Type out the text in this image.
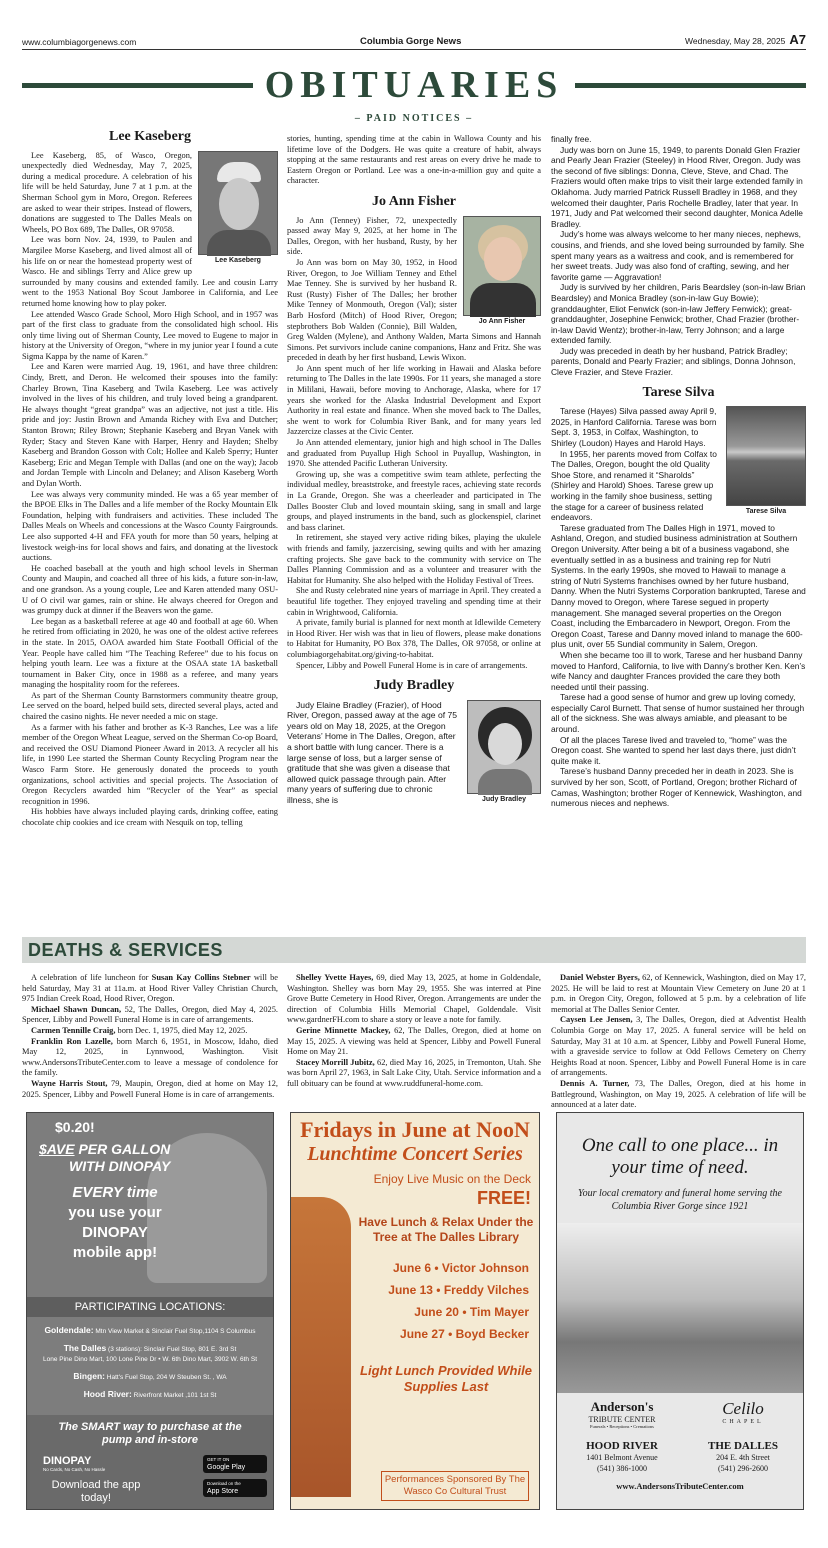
www.columbiagorgenews.com	Columbia Gorge News	Wednesday, May 28, 2025 A7
OBITUARIES
– PAID NOTICES –
Lee Kaseberg
Lee Kaseberg

Lee Kaseberg, 85, of Wasco, Oregon, unexpectedly died Wednesday, May 7, 2025, during a medical procedure. A celebration of his life will be held Saturday, June 7 at 1 p.m. at the Sherman School gym in Moro, Oregon. Referees are asked to wear their stripes. Instead of flowers, donations are suggested to The Dalles Meals on Wheels, PO Box 689, The Dalles, OR 97058.

Lee was born Nov. 24, 1939, to Paulen and Margilee Morse Kaseberg, and lived almost all of his life on or near the homestead property west of Wasco. He and siblings Terry and Alice grew up surrounded by many cousins and extended family. Lee and cousin Larry went to the 1953 National Boy Scout Jamboree in California, and Lee returned home knowing how to play poker.

Lee attended Wasco Grade School, Moro High School, and in 1957 was part of the first class to graduate from the consolidated high school. His only time living out of Sherman County, Lee moved to Eugene to major in history at the University of Oregon, “where in my junior year I found a cute Sigma Kappa by the name of Karen.”

Lee and Karen were married Aug. 19, 1961, and have three children: Cindy, Brett, and Deron. He welcomed their spouses into the family: Charley Brown, Tina Kaseberg and Twila Kaseberg. Lee was actively involved in the lives of his children, and truly loved being a grandparent. He always thought “great grandpa” was an adjective, not just a title. His pride and joy: Justin Brown and Amanda Richey with Eva and Dutcher; Stanton Brown; Riley Brown; Stephanie Kaseberg and Bryan Vanek with Ryder; Stacy and Steven Kane with Harper, Henry and Hayden; Shelby Kaseberg and Brandon Gosson with Colt; Hollee and Kaleb Sperry; Hunter Kaseberg; Eric and Megan Temple with Dallas (and one on the way); Jacob and Jordan Temple with Lincoln and Delaney; and Alison Kaseberg Worth and Dylan Worth.

Lee was always very community minded. He was a 65 year member of the BPOE Elks in The Dalles and a life member of the Rocky Mountain Elk Foundation, helping with fundraisers and activities. These included The Dalles Meals on Wheels and concessions at the Wasco County Fairgrounds. Lee also supported 4-H and FFA youth for more than 50 years, helping at livestock weigh-ins for local shows and fairs, and donating at the livestock auctions.

He coached baseball at the youth and high school levels in Sherman County and Maupin, and coached all three of his kids, a future son-in-law, and one grandson. As a young couple, Lee and Karen attended many OSU-U of O civil war games, rain or shine. He always cheered for Oregon and was grumpy duck at dinner if the Beavers won the game.

Lee began as a basketball referee at age 40 and football at age 60. When he retired from officiating in 2020, he was one of the oldest active referees in the state. In 2015, OAOA awarded him State Football Official of the Year. People have called him “The Teaching Referee” due to his focus on helping youth learn. Lee was a fixture at the OSAA state 1A basketball tournament in Baker City, once in 1988 as a referee, and many years managing the hospitality room for the referees.

As part of the Sherman County Barnstormers community theatre group, Lee served on the board, helped build sets, directed several plays, acted and chaired the casino nights. He never needed a mic on stage.

As a farmer with his father and brother as K-3 Ranches, Lee was a life member of the Oregon Wheat League, served on the Sherman Co-op Board, and received the OSU Diamond Pioneer Award in 2013. A recycler all his life, in 1990 Lee started the Sherman County Recycling Program near the Wasco Farm Store. He generously donated the proceeds to youth organizations, school activities and special projects. The Association of Oregon Recyclers awarded him “Recycler of the Year” as special recognition in 1996.

His hobbies have always included playing cards, drinking coffee, eating chocolate chip cookies and ice cream with Nesquik on top, telling

stories, hunting, spending time at the cabin in Wallowa County and his lifetime love of the Dodgers. He was quite a creature of habit, always stopping at the same restaurants and rest areas on every drive he made to Eastern Oregon or Portland. Lee was a one-in-a-million guy and quite a character.

Jo Ann Fisher
Jo Ann Fisher

Jo Ann (Tenney) Fisher, 72, unexpectedly passed away May 9, 2025, at her home in The Dalles, Oregon, with her husband, Rusty, by her side.

Jo Ann was born on May 30, 1952, in Hood River, Oregon, to Joe William Tenney and Ethel Mae Tenney. She is survived by her husband R. Rust (Rusty) Fisher of The Dalles; her brother Mike Tenney of Monmouth, Oregon (Val); sister Barb Hosford (Mitch) of Hood River, Oregon; stepbrothers Bob Walden (Connie), Bill Walden, Greg Walden (Mylene), and Anthony Walden, Marta Simons and Hannah Simons. Pet survivors include canine companions, Hanz and Fritz. She was preceded in death by her first husband, Lewis Wixon.

Jo Ann spent much of her life working in Hawaii and Alaska before returning to The Dalles in the late 1990s. For 11 years, she managed a store in Mililani, Hawaii, before moving to Anchorage, Alaska, where for 17 years she worked for the Alaska Industrial Development and Export Authority in real estate and finance. When she moved back to The Dalles, she went to work for Columbia River Bank, and for many years led Jazzercize classes at the Civic Center.

Jo Ann attended elementary, junior high and high school in The Dalles and graduated from Puyallup High School in Puyallup, Washington, in 1970. She attended Pacific Lutheran University.

Growing up, she was a competitive swim team athlete, perfecting the individual medley, breaststroke, and freestyle races, achieving state records in La Grande, Oregon. She was a cheerleader and participated in The Dalles Booster Club and loved mountain skiing, sang in small and large groups, and played instruments in the band, such as glockenspiel, clarinet and bass clarinet.

In retirement, she stayed very active riding bikes, playing the ukulele with friends and family, jazzercising, sewing quilts and with her amazing crafting projects. She gave back to the community with service on The Dalles Planning Commission and as a volunteer and treasurer with the Habitat for Humanity. She also helped with the Holiday Festival of Trees.

She and Rusty celebrated nine years of marriage in April. They created a beautiful life together. They enjoyed traveling and spending time at their cabin in Wrightwood, California.

A private, family burial is planned for next month at Idlewilde Cemetery in Hood River. Her wish was that in lieu of flowers, please make donations to Habitat for Humanity, PO Box 378, The Dalles, OR 97058, or online at columbiagorgehabitat.org/giving-to-habitat.

Spencer, Libby and Powell Funeral Home is in care of arrangements.

Judy Bradley
Judy Bradley

Judy Elaine Bradley (Frazier), of Hood River, Oregon, passed away at the age of 75 years old on May 18, 2025, at the Oregon Veterans’ Home in The Dalles, Oregon, after a short battle with lung cancer. There is a large sense of loss, but a larger sense of gratitude that she was given a disease that allowed quick passage through pain. After many years of suffering due to chronic illness, she is

finally free.

Judy was born on June 15, 1949, to parents Donald Glen Frazier and Pearly Jean Frazier (Steeley) in Hood River, Oregon. Judy was the second of five siblings: Donna, Cleve, Steve, and Chad. The Fraziers would often make trips to visit their large extended family in Oklahoma. Judy married Patrick Russell Bradley in 1968, and they welcomed their daughter, Paris Rochelle Bradley, later that year. In 1971, Judy and Pat welcomed their second daughter, Monica Adelle Bradley.

Judy’s home was always welcome to her many nieces, nephews, cousins, and friends, and she loved being surrounded by family. She spent many years as a waitress and cook, and is remembered for her sweet treats. Judy was also fond of crafting, sewing, and her favorite game — Aggravation!

Judy is survived by her children, Paris Beardsley (son-in-law Brian Beardsley) and Monica Bradley (son-in-law Guy Bowie); granddaughter, Eliot Fenwick (son-in-law Jeffery Fenwick); great-granddaughter, Josephine Fenwick; brother, Chad Frazier (brother-in-law David Wentz); brother-in-law, Terry Johnson; and a large extended family.

Judy was preceded in death by her husband, Patrick Bradley; parents, Donald and Pearly Frazier; and siblings, Donna Johnson, Cleve Frazier, and Steve Frazier.

Tarese Silva
Tarese Silva

Tarese (Hayes) Silva passed away April 9, 2025, in Hanford California. Tarese was born Sept. 3, 1953, in Colfax, Washington, to Shirley (Loudon) Hayes and Harold Hays.

In 1955, her parents moved from Colfax to The Dalles, Oregon, bought the old Quality Shoe Store, and renamed it “Sharolds” (Shirley and Harold) Shoes. Tarese grew up working in the family shoe business, setting the stage for a career of business related endeavors.

Tarese graduated from The Dalles High in 1971, moved to Ashland, Oregon, and studied business administration at Southern Oregon University. After being a bit of a business vagabond, she eventually settled in as a business and training rep for Nutri Systems. In the early 1990s, she moved to Hawaii to manage a string of Nutri Systems franchises owned by her future husband, Danny. When the Nutri Systems Corporation bankrupted, Tarese and Danny moved to Oregon, where Tarese segued in property management. She managed several properties on the Oregon Coast, including the Embarcadero in Newport, Oregon. From the Oregon Coast, Tarese and Danny moved inland to manage the 600-plus unit, over 55 Sundial community in Salem, Oregon.

When she became too ill to work, Tarese and her husband Danny moved to Hanford, California, to live with Danny’s brother Ken. Ken’s wife Nancy and daughter Frances provided the care they both needed until their passing.

Tarese had a good sense of humor and grew up loving comedy, especially Carol Burnett. That sense of humor sustained her through all of the sickness. She was always amiable, and pleasant to be around.

Of all the places Tarese lived and traveled to, “home” was the Oregon coast. She wanted to spend her last days there, just didn’t quite make it.

Tarese’s husband Danny preceded her in death in 2023. She is survived by her son, Scott, of Portland, Oregon; brother Richard of Camas, Washington; brother Roger of Kennewick, Washington, and numerous nieces and nephews.

DEATHS & SERVICES

A celebration of life luncheon for Susan Kay Collins Stebner will be held Saturday, May 31 at 11a.m. at Hood River Valley Christian Church, 975 Indian Creek Road, Hood River, Oregon.

Michael Shawn Duncan, 52, The Dalles, Oregon, died May 4, 2025. Spencer, Libby and Powell Funeral Home is in care of arrangements.

Carmen Tennille Craig, born Dec. 1, 1975, died May 12, 2025.

Franklin Ron Lazelle, born March 6, 1951, in Moscow, Idaho, died May 12, 2025, in Lynnwood, Washington. Visit www.AndersonsTributeCenter.com to leave a message of condolence for the family.

Wayne Harris Stout, 79, Maupin, Oregon, died at home on May 12, 2025. Spencer, Libby and Powell Funeral Home is in care of arrangements.

Shelley Yvette Hayes, 69, died May 13, 2025, at home in Goldendale, Washington. Shelley was born May 29, 1955. She was interred at Pine Grove Butte Cemetery in Hood River, Oregon. Arrangements are under the direction of Columbia Hills Memorial Chapel, Goldendale. Visit www.gardnerFH.com to share a story or leave a note for family.

Gerine Minnette Mackey, 62, The Dalles, Oregon, died at home on May 15, 2025. A viewing was held at Spencer, Libby and Powell Funeral Home on May 21.

Stacey Morrill Jubitz, 62, died May 16, 2025, in Tremonton, Utah. She was born April 27, 1963, in Salt Lake City, Utah. Service information and a full obituary can be found at www.ruddfuneral-home.com.

Daniel Webster Byers, 62, of Kennewick, Washington, died on May 17, 2025. He will be laid to rest at Mountain View Cemetery on June 20 at 1 p.m. in Oregon City, Oregon, followed at 5 p.m. by a celebration of life memorial at The Dalles Senior Center.

Caysen Lee Jensen, 3, The Dalles, Oregon, died at Adventist Health Columbia Gorge on May 17, 2025. A funeral service will be held on Saturday, May 31 at 10 a.m. at Spencer, Libby and Powell Funeral Home, with a graveside service to follow at Odd Fellows Cemetery on Cherry Heights Road at noon. Spencer, Libby and Powell Funeral Home is in care of arrangements.

Dennis A. Turner, 73, The Dalles, Oregon, died at his home in Battleground, Washington, on May 19, 2025. A celebration of life will be announced at a later date.

$0.20!
$AVE PER GALLON
WITH DINOPAY
EVERY time
you use your
DINOPAY
mobile app!
PARTICIPATING LOCATIONS:
Goldendale: Mtn View Market & Sinclair Fuel Stop,1104 S Columbus
The Dalles (3 stations): Sinclair Fuel Stop, 801 E. 3rd St
Lone Pine Dino Mart, 100 Lone Pine Dr • W. 6th Dino Mart, 3902 W. 6th St
Bingen: Hatt's Fuel Stop, 204 W Steuben St. , WA
Hood River: Riverfront Market ,101 1st St
The SMART way to purchase at the pump and in-store
DINOPAY
No Cards, No Cash, No Hassle
Download the app today!
GET IT ON
Google Play
Download on the
App Store
Fridays in June at NooN
Lunchtime Concert Series
Enjoy Live Music on the Deck
FREE!
Have Lunch & Relax Under the Tree at The Dalles Library
June 6 • Victor Johnson
June 13 • Freddy Vilches
June 20 • Tim Mayer
June 27 • Boyd Becker
Light Lunch Provided While Supplies Last
Performances Sponsored By The Wasco Co Cultural Trust
One call to one place... in your time of need.
Your local crematory and funeral home serving the Columbia River Gorge since 1921
Anderson's
TRIBUTE CENTER
Funerals • Receptions • Cremations
Celilo
CHAPEL
HOOD RIVER
1401 Belmont Avenue
(541) 386-1000
THE DALLES
204 E. 4th Street
(541) 296-2600
www.AndersonsTributeCenter.com
